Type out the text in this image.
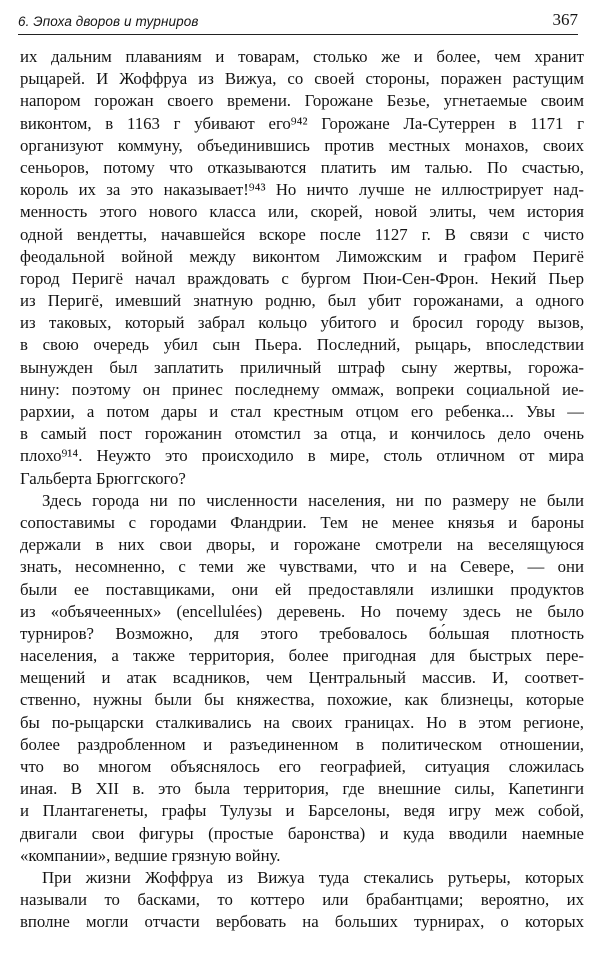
6. Эпоха дворов и турниров	367
их дальним плаваниям и товарам, столько же и более, чем хранит
рыцарей. И Жоффруа из Вижуа, со своей стороны, поражен растущим
напором горожан своего времени. Горожане Безье, угнетаемые своим
виконтом, в 1163 г убивают его⁹⁴² Горожане Ла-Сутеррен в 1171 г
организуют коммуну, объединившись против местных монахов, своих
сеньоров, потому что отказываются платить им талью. По счастью,
король их за это наказывает!⁹⁴³ Но ничто лучше не иллюстрирует над-
менность этого нового класса или, скорей, новой элиты, чем история
одной вендетты, начавшейся вскоре после 1127 г. В связи с чисто
феодальной войной между виконтом Лиможским и графом Перигё
город Перигё начал враждовать с бургом Пюи-Сен-Фрон. Некий Пьер
из Перигё, имевший знатную родню, был убит горожанами, а одного
из таковых, который забрал кольцо убитого и бросил городу вызов,
в свою очередь убил сын Пьера. Последний, рыцарь, впоследствии
вынужден был заплатить приличный штраф сыну жертвы, горожа-
нину: поэтому он принес последнему оммаж, вопреки социальной ие-
рархии, а потом дары и стал крестным отцом его ребенка... Увы —
в самый пост горожанин отомстил за отца, и кончилось дело очень
плохо⁹¹⁴. Неужто это происходило в мире, столь отличном от мира
Гальберта Брюггского?
Здесь города ни по численности населения, ни по размеру не были
сопоставимы с городами Фландрии. Тем не менее князья и бароны
держали в них свои дворы, и горожане смотрели на веселящуюся
знать, несомненно, с теми же чувствами, что и на Севере, — они
были ее поставщиками, они ей предоставляли излишки продуктов
из «объячеенных» (encellulées) деревень. Но почему здесь не было
турниров? Возможно, для этого требовалось бо́льшая плотность
населения, а также территория, более пригодная для быстрых пере-
мещений и атак всадников, чем Центральный массив. И, соответ-
ственно, нужны были бы княжества, похожие, как близнецы, которые
бы по-рыцарски сталкивались на своих границах. Но в этом регионе,
более раздробленном и разъединенном в политическом отношении,
что во многом объяснялось его географией, ситуация сложилась
иная. В XII в. это была территория, где внешние силы, Капетинги
и Плантагенеты, графы Тулузы и Барселоны, ведя игру меж собой,
двигали свои фигуры (простые баронства) и куда вводили наемные
«компании», ведшие грязную войну.
При жизни Жоффруа из Вижуа туда стекались рутьеры, которых
называли то басками, то коттеро или брабантцами; вероятно, их
вполне могли отчасти вербовать на больших турнирах, о которых
